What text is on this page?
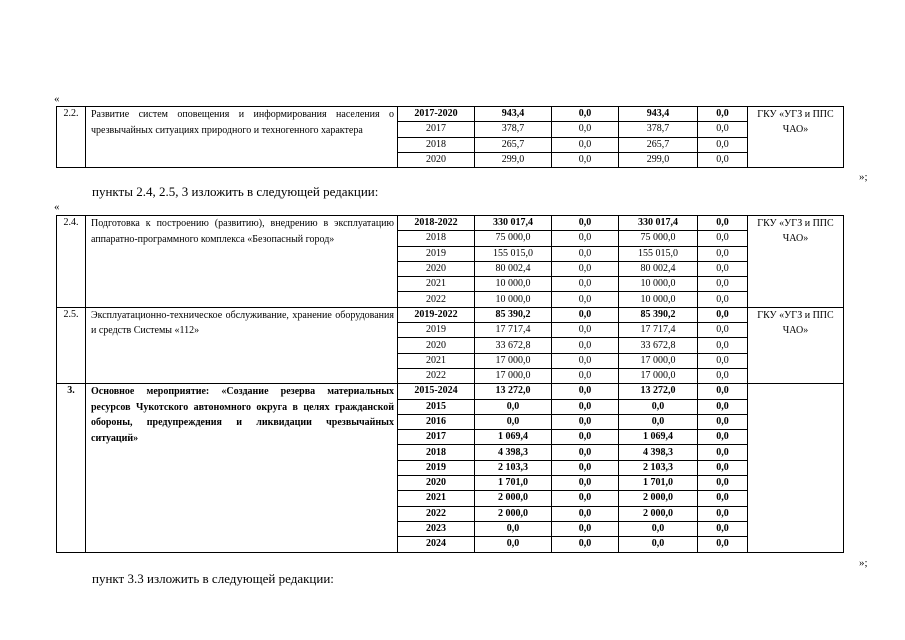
«
2.2.	Развитие систем оповещения и информирования населения о чрезвычайных ситуациях природного и техногенного характера	2017-2020	943,4	0,0	943,4	0,0	ГКУ «УГЗ и ППС ЧАО»
		2017	378,7	0,0	378,7	0,0	
		2018	265,7	0,0	265,7	0,0	
		2020	299,0	0,0	299,0	0,0	
»;
пункты 2.4, 2.5, 3 изложить в следующей редакции:
«
2.4.	Подготовка к построению (развитию), внедрению в эксплуатацию аппаратно-программного комплекса «Безопасный город»	2018-2022	330 017,4	0,0	330 017,4	0,0	ГКУ «УГЗ и ППС ЧАО»
		2018	75 000,0	0,0	75 000,0	0,0	
		2019	155 015,0	0,0	155 015,0	0,0	
		2020	80 002,4	0,0	80 002,4	0,0	
		2021	10 000,0	0,0	10 000,0	0,0	
		2022	10 000,0	0,0	10 000,0	0,0	
2.5.	Эксплуатационно-техническое обслуживание, хранение оборудования и средств Системы «112»	2019-2022	85 390,2	0,0	85 390,2	0,0	ГКУ «УГЗ и ППС ЧАО»
		2019	17 717,4	0,0	17 717,4	0,0	
		2020	33 672,8	0,0	33 672,8	0,0	
		2021	17 000,0	0,0	17 000,0	0,0	
		2022	17 000,0	0,0	17 000,0	0,0	
3.	Основное мероприятие: «Создание резерва материальных ресурсов Чукотского автономного округа в целях гражданской обороны, предупреждения и ликвидации чрезвычайных ситуаций»	2015-2024	13 272,0	0,0	13 272,0	0,0	
		2015	0,0	0,0	0,0	0,0	
		2016	0,0	0,0	0,0	0,0	
		2017	1 069,4	0,0	1 069,4	0,0	
		2018	4 398,3	0,0	4 398,3	0,0	
		2019	2 103,3	0,0	2 103,3	0,0	
		2020	1 701,0	0,0	1 701,0	0,0	
		2021	2 000,0	0,0	2 000,0	0,0	
		2022	2 000,0	0,0	2 000,0	0,0	
		2023	0,0	0,0	0,0	0,0	
		2024	0,0	0,0	0,0	0,0	
»;
пункт 3.3 изложить в следующей редакции:
